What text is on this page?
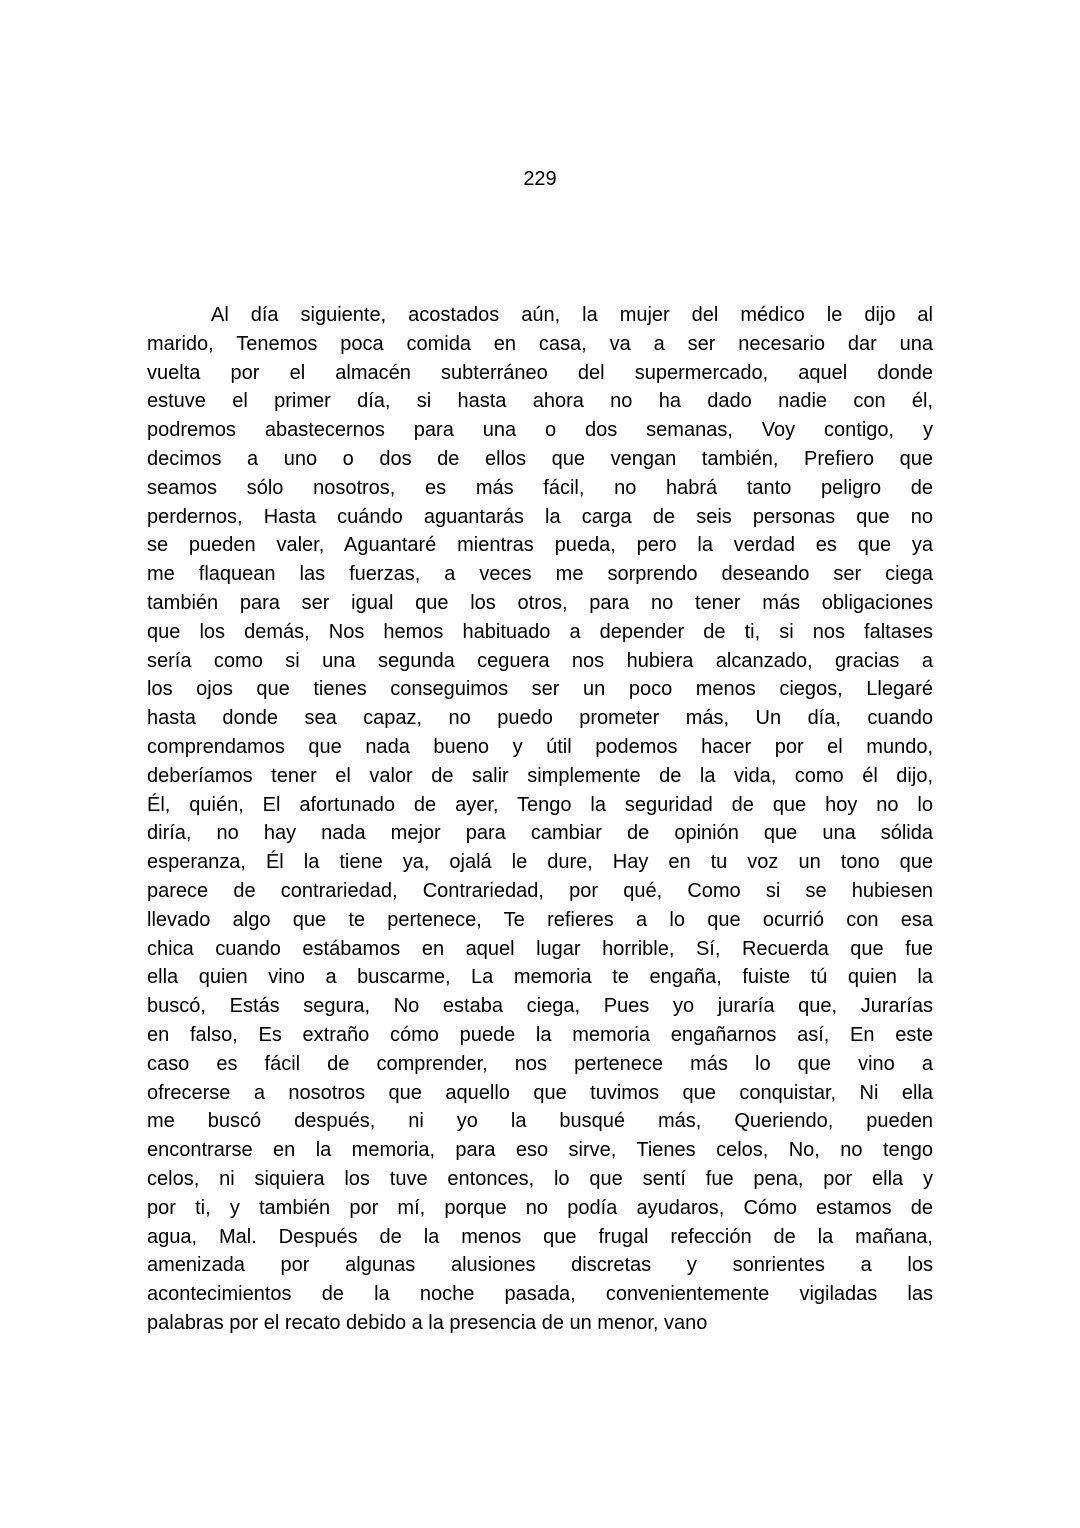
229
Al día siguiente, acostados aún, la mujer del médico le dijo al
marido, Tenemos poca comida en casa, va a ser necesario dar una
vuelta por el almacén subterráneo del supermercado, aquel donde
estuve el primer día, si hasta ahora no ha dado nadie con él,
podremos abastecernos para una o dos semanas, Voy contigo, y
decimos a uno o dos de ellos que vengan también, Prefiero que
seamos sólo nosotros, es más fácil, no habrá tanto peligro de
perdernos, Hasta cuándo aguantarás la carga de seis personas que no
se pueden valer, Aguantaré mientras pueda, pero la verdad es que ya
me flaquean las fuerzas, a veces me sorprendo deseando ser ciega
también para ser igual que los otros, para no tener más obligaciones
que los demás, Nos hemos habituado a depender de ti, si nos faltases
sería como si una segunda ceguera nos hubiera alcanzado, gracias a
los ojos que tienes conseguimos ser un poco menos ciegos, Llegaré
hasta donde sea capaz, no puedo prometer más, Un día, cuando
comprendamos que nada bueno y útil podemos hacer por el mundo,
deberíamos tener el valor de salir simplemente de la vida, como él dijo,
Él, quién, El afortunado de ayer, Tengo la seguridad de que hoy no lo
diría, no hay nada mejor para cambiar de opinión que una sólida
esperanza, Él la tiene ya, ojalá le dure, Hay en tu voz un tono que
parece de contrariedad, Contrariedad, por qué, Como si se hubiesen
llevado algo que te pertenece, Te refieres a lo que ocurrió con esa
chica cuando estábamos en aquel lugar horrible, Sí, Recuerda que fue
ella quien vino a buscarme, La memoria te engaña, fuiste tú quien la
buscó, Estás segura, No estaba ciega, Pues yo juraría que, Jurarías
en falso, Es extraño cómo puede la memoria engañarnos así, En este
caso es fácil de comprender, nos pertenece más lo que vino a
ofrecerse a nosotros que aquello que tuvimos que conquistar, Ni ella
me buscó después, ni yo la busqué más, Queriendo, pueden
encontrarse en la memoria, para eso sirve, Tienes celos, No, no tengo
celos, ni siquiera los tuve entonces, lo que sentí fue pena, por ella y
por ti, y también por mí, porque no podía ayudaros, Cómo estamos de
agua, Mal. Después de la menos que frugal refección de la mañana,
amenizada por algunas alusiones discretas y sonrientes a los
acontecimientos de la noche pasada, convenientemente vigiladas las
palabras por el recato debido a la presencia de un menor, vano
